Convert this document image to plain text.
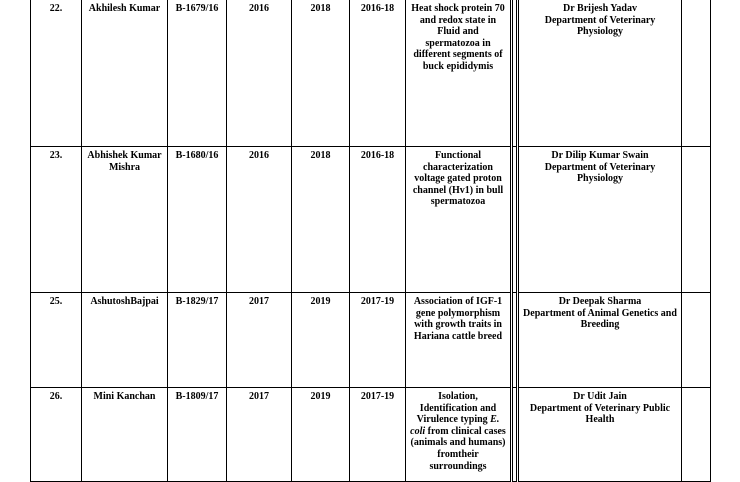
22.	Akhilesh Kumar	B-1679/16	2016	2018	2016-18	Heat shock protein 70 and redox state in Fluid and spermatozoa in different segments of buck epididymis		Dr Brijesh Yadav
Department of Veterinary Physiology	

23.	Abhishek Kumar Mishra	B-1680/16	2016	2018	2016-18	Functional characterization voltage gated proton channel (Hv1) in bull spermatozoa		Dr Dilip Kumar Swain
Department of Veterinary Physiology	

25.	AshutoshBajpai	B-1829/17	2017	2019	2017-19	Association of IGF-1 gene polymorphism with growth traits in Hariana cattle breed		Dr Deepak Sharma
Department of Animal Genetics and Breeding	

26.	Mini Kanchan	B-1809/17	2017	2019	2017-19	Isolation, Identification and Virulence typing E. coli from clinical cases (animals and humans) fromtheir surroundings		Dr Udit Jain
Department of Veterinary Public Health	
